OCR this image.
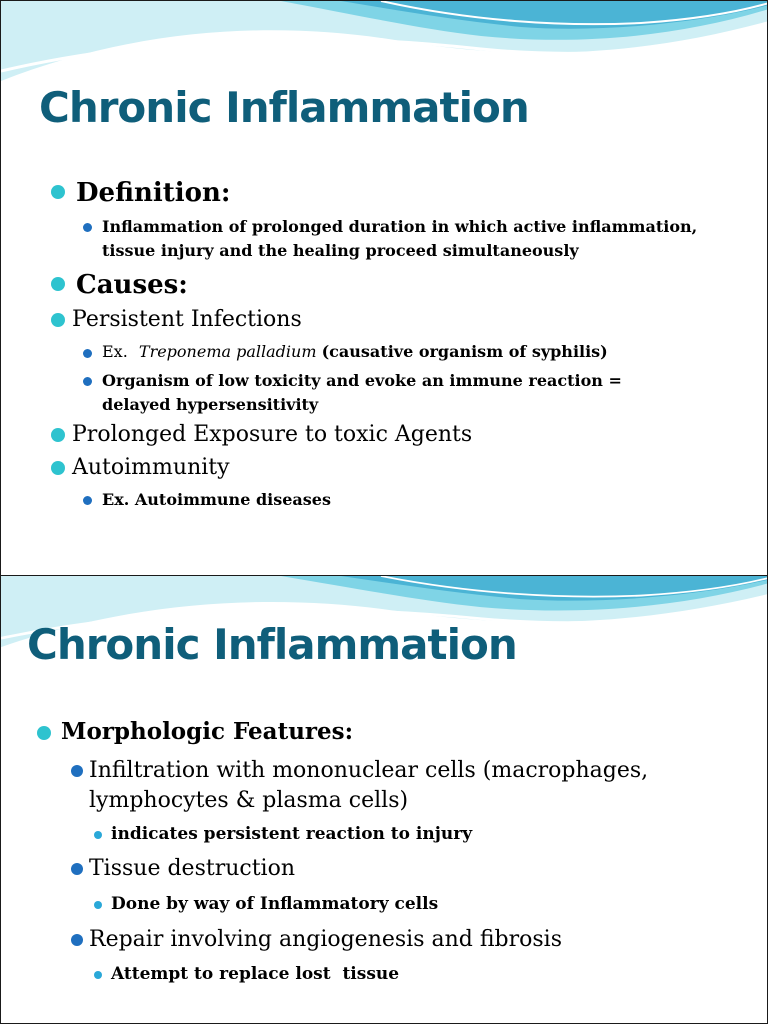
Chronic Inflammation
Definition:
Inflammation of prolonged duration in which active inflammation,
tissue injury and the healing proceed simultaneously
Causes:
Persistent Infections
Ex. Treponema palladium (causative organism of syphilis)
Organism of low toxicity and evoke an immune reaction =
delayed hypersensitivity
Prolonged Exposure to toxic Agents
Autoimmunity
Ex. Autoimmune diseases
Chronic Inflammation
Morphologic Features:
Infiltration with mononuclear cells (macrophages,
lymphocytes & plasma cells)
indicates persistent reaction to injury
Tissue destruction
Done by way of Inflammatory cells
Repair involving angiogenesis and fibrosis
Attempt to replace lost  tissue
